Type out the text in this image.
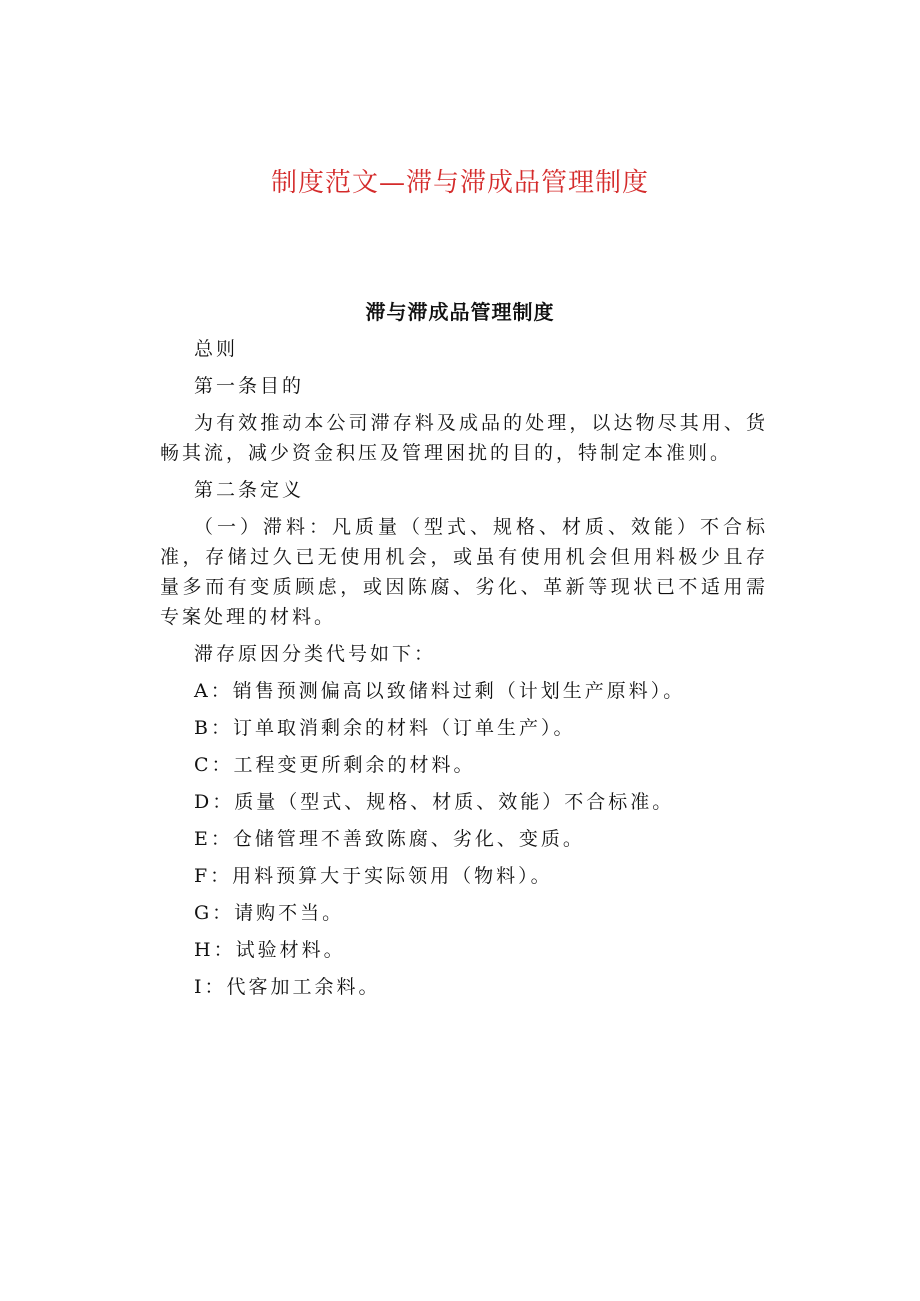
制度范文—滞与滞成品管理制度
滞与滞成品管理制度

总则

第一条目的

为有效推动本公司滞存料及成品的处理，以达物尽其用、货畅其流，减少资金积压及管理困扰的目的，特制定本准则。

第二条定义

（一）滞料：凡质量（型式、规格、材质、效能）不合标准，存储过久已无使用机会，或虽有使用机会但用料极少且存量多而有变质顾虑，或因陈腐、劣化、革新等现状已不适用需专案处理的材料。

滞存原因分类代号如下：

A：销售预测偏高以致储料过剩（计划生产原料）。

B：订单取消剩余的材料（订单生产）。

C：工程变更所剩余的材料。

D：质量（型式、规格、材质、效能）不合标准。

E：仓储管理不善致陈腐、劣化、变质。

F：用料预算大于实际领用（物料）。

G：请购不当。

H：试验材料。

I：代客加工余料。
